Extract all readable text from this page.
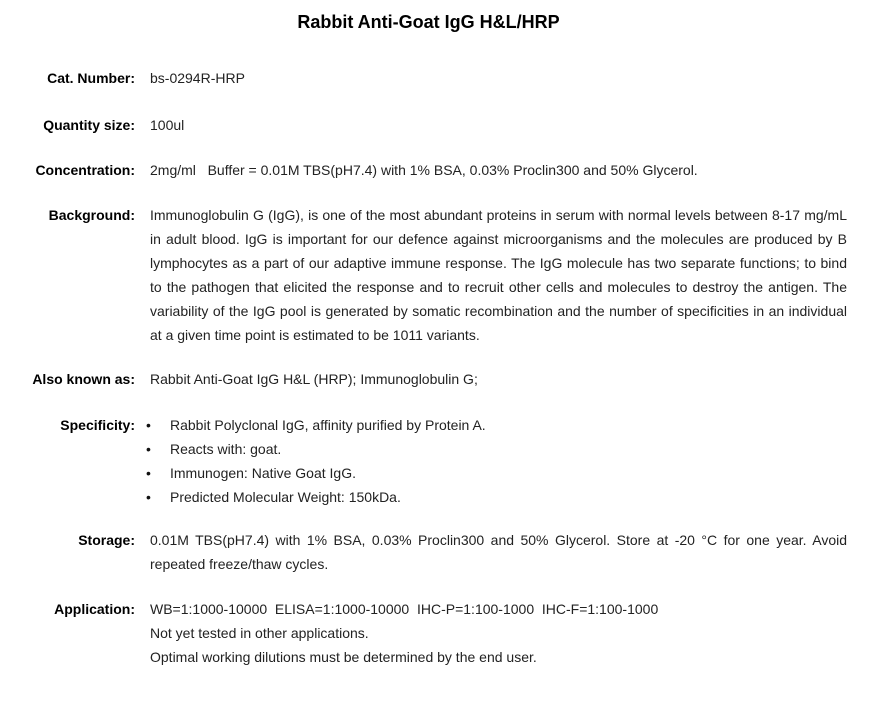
Rabbit Anti-Goat IgG H&L/HRP
Cat. Number: bs-0294R-HRP
Quantity size: 100ul
Concentration: 2mg/ml   Buffer = 0.01M TBS(pH7.4) with 1% BSA, 0.03% Proclin300 and 50% Glycerol.
Background: Immunoglobulin G (IgG), is one of the most abundant proteins in serum with normal levels between 8-17 mg/mL in adult blood. IgG is important for our defence against microorganisms and the molecules are produced by B lymphocytes as a part of our adaptive immune response. The IgG molecule has two separate functions; to bind to the pathogen that elicited the response and to recruit other cells and molecules to destroy the antigen. The variability of the IgG pool is generated by somatic recombination and the number of specificities in an individual at a given time point is estimated to be 1011 variants.
Also known as: Rabbit Anti-Goat IgG H&L (HRP); Immunoglobulin G;
Specificity: • Rabbit Polyclonal IgG, affinity purified by Protein A.
• Reacts with: goat.
• Immunogen: Native Goat IgG.
• Predicted Molecular Weight: 150kDa.
Storage: 0.01M TBS(pH7.4) with 1% BSA, 0.03% Proclin300 and 50% Glycerol. Store at -20 °C for one year. Avoid repeated freeze/thaw cycles.
Application: WB=1:1000-10000  ELISA=1:1000-10000  IHC-P=1:100-1000  IHC-F=1:100-1000
Not yet tested in other applications.
Optimal working dilutions must be determined by the end user.
